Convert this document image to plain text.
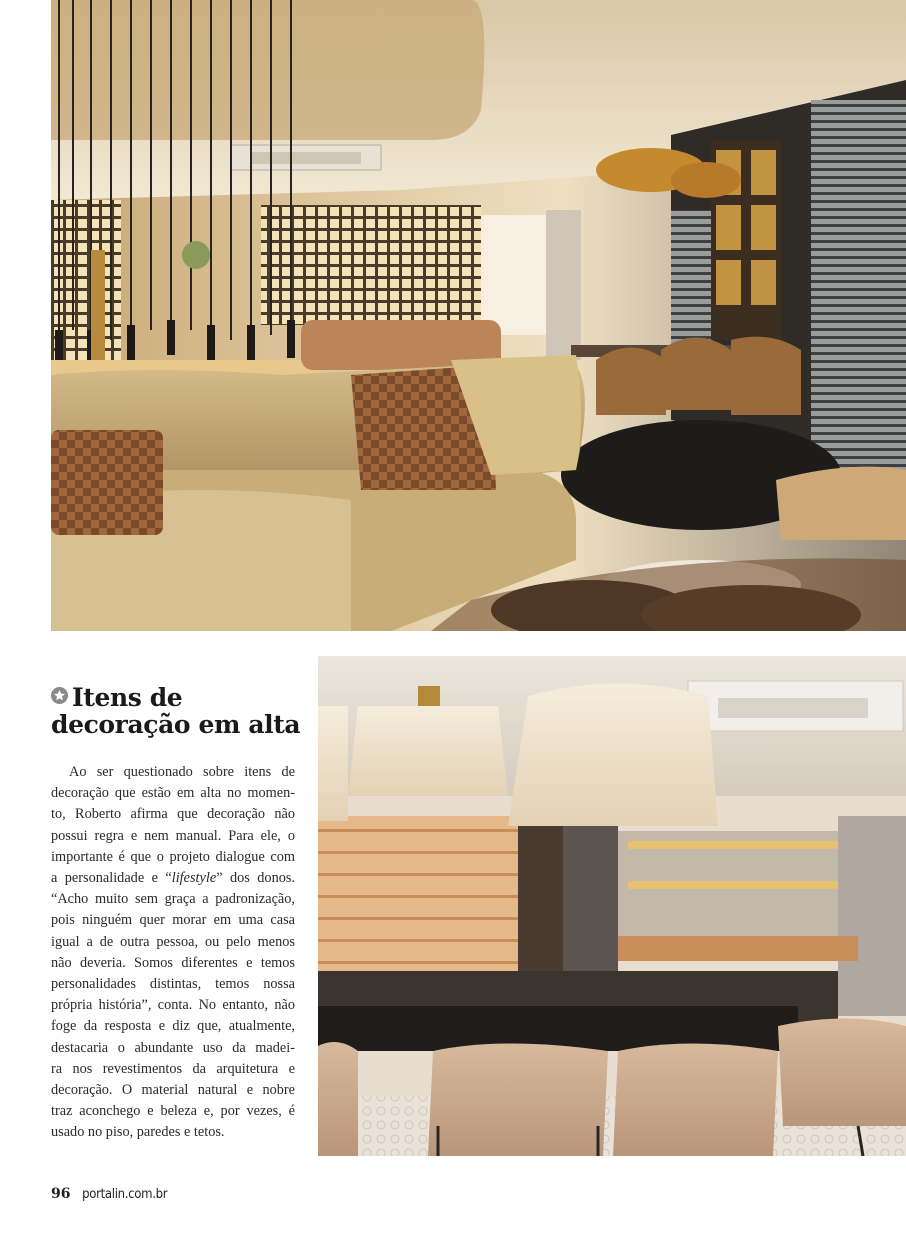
Itens de
decoração em alta
Ao ser questionado sobre itens de
decoração que estão em alta no momen-
to, Roberto afirma que decoração não
possui regra e nem manual. Para ele, o
importante é que o projeto dialogue com
a personalidade e “lifestyle” dos donos.
“Acho muito sem graça a padronização,
pois ninguém quer morar em uma casa
igual a de outra pessoa, ou pelo menos
não deveria. Somos diferentes e temos
personalidades distintas, temos nossa
própria história”, conta. No entanto, não
foge da resposta e diz que, atualmente,
destacaria o abundante uso da madei-
ra nos revestimentos da arquitetura e
decoração. O material natural e nobre
traz aconchego e beleza e, por vezes, é
usado no piso, paredes e tetos.
96 portalin.com.br
